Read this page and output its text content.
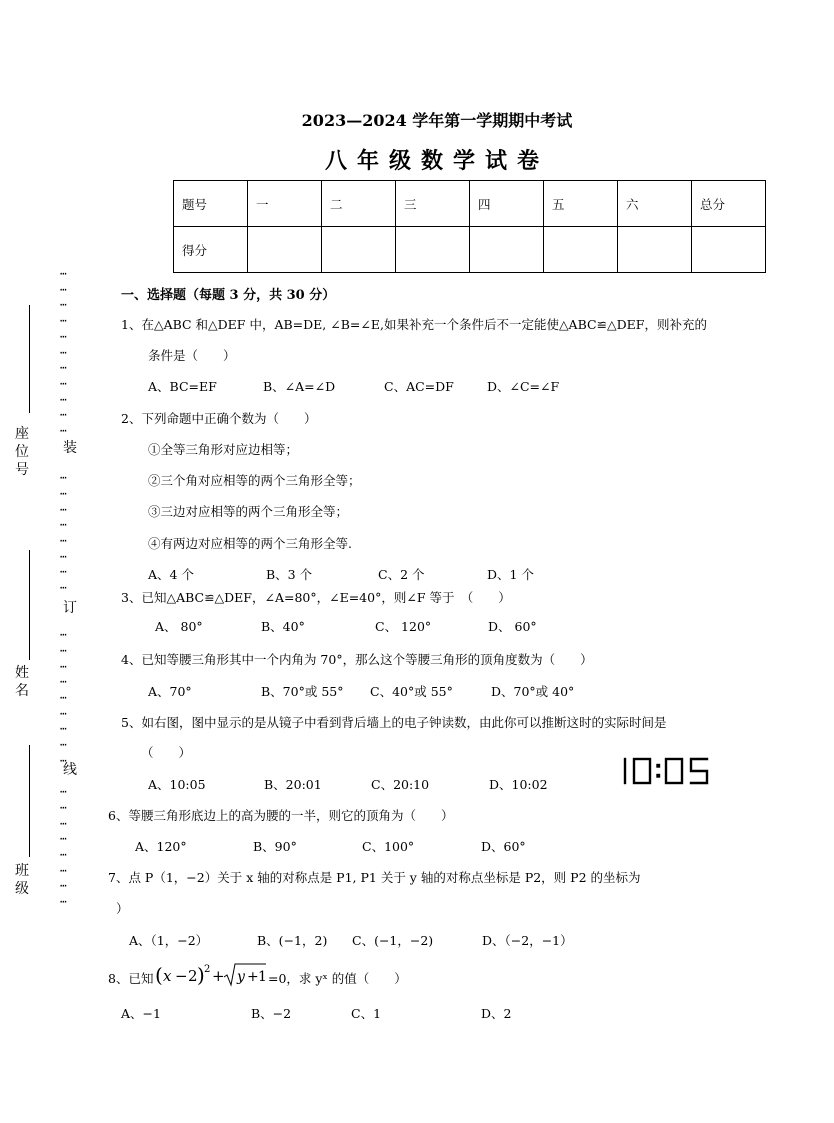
2023—2024 学年第一学期期中考试
八年级数学试卷
题号	一	二	三	四	五	六	总分
得分							
⋯
⋯
⋯
⋯
⋯
⋯
⋯
⋯
⋯
⋯
⋯

⋯
⋯
⋯
⋯
⋯
⋯
⋯
⋯

⋯
⋯
⋯
⋯
⋯
⋯
⋯
⋯
⋯

⋯
⋯
⋯
⋯
⋯
⋯
⋯
⋯

装
订
线
座位号
姓名
班级
一、选择题（每题 3 分，共 30 分）
1、在△ABC 和△DEF 中，AB=DE, ∠B=∠E,如果补充一个条件后不一定能使△ABC≌△DEF，则补充的
条件是（　　）
A、BC=EF	B、∠A=∠D	C、AC=DF	D、∠C=∠F
2、下列命题中正确个数为（　　）
①全等三角形对应边相等；
②三个角对应相等的两个三角形全等；
③三边对应相等的两个三角形全等；
④有两边对应相等的两个三角形全等.
A、4 个	B、3 个	C、2 个	D、1 个
3、已知△ABC≌△DEF，∠A=80°，∠E=40°，则∠F 等于　（　　）
A、 80°	B、40°	C、 120°	D、 60°
4、已知等腰三角形其中一个内角为 70°，那么这个等腰三角形的顶角度数为（　　）
A、70°	B、70°或 55° C、40°或 55°	D、70°或 40°
5、如右图，图中显示的是从镜子中看到背后墙上的电子钟读数，由此你可以推断这时的实际时间是
（　　）
A、10:05	B、20:01	C、20:10	D、10:02
10:05
6、等腰三角形底边上的高为腰的一半，则它的顶角为（　　）
A、120°	B、90°	C、100°	D、60°
7、点 P（1，−2）关于 x 轴的对称点是 P1, P1 关于 y 轴的对称点坐标是 P2，则 P2 的坐标为
）
A、（1，−2）	B、(−1，2) C、(−1，−2)	D、（−2，−1）
8、已知 ( x − 2 ) 2 + y + 1 =0，求 yˣ 的值（　　）
A、−1	B、−2	C、1	D、2
